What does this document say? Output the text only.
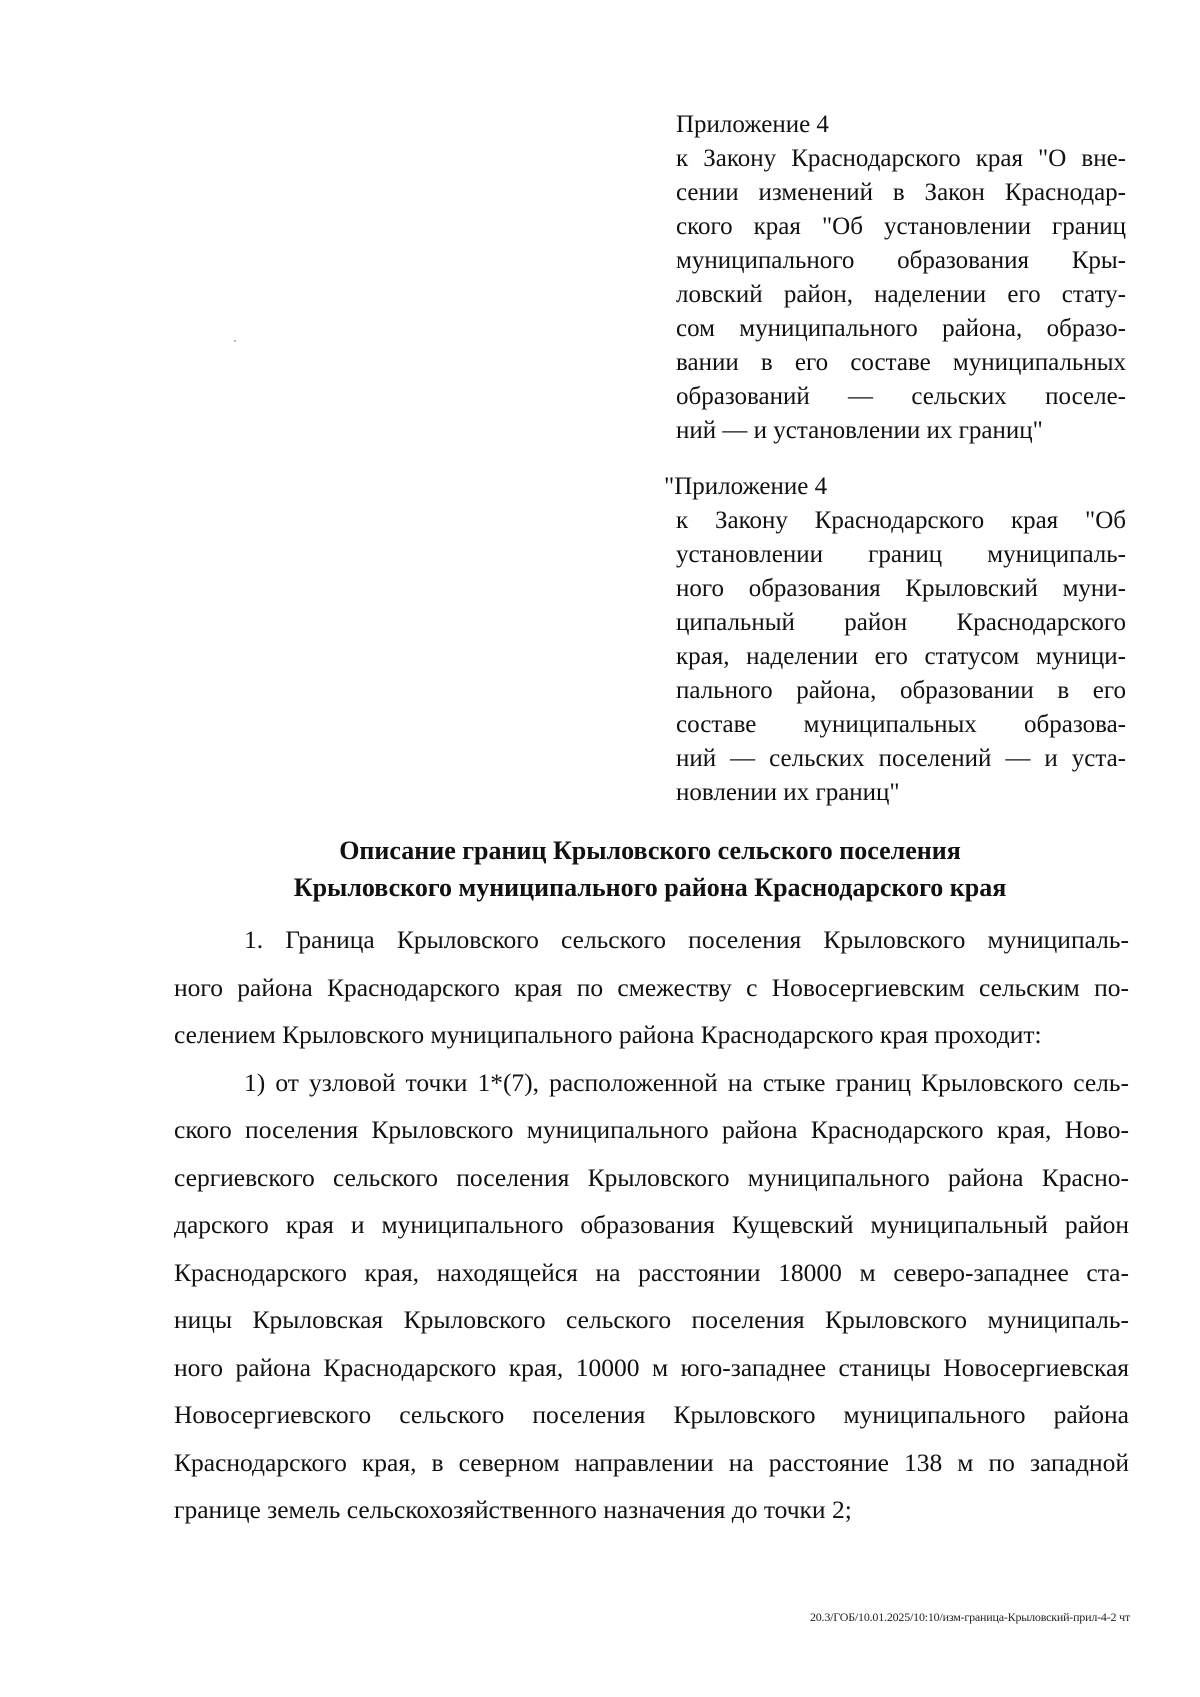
Приложение 4
к Закону Краснодарского края "О вне-
сении изменений в Закон Краснодар-
ского края "Об установлении границ
муниципального образования Кры-
ловский район, наделении его стату-
сом муниципального района, образо-
вании в его составе муниципальных
образований — сельских поселе-
ний — и установлении их границ"
"Приложение 4
к Закону Краснодарского края "Об
установлении границ муниципаль-
ного образования Крыловский муни-
ципальный район Краснодарского
края, наделении его статусом муници-
пального района, образовании в его
составе муниципальных образова-
ний — сельских поселений — и уста-
новлении их границ"
Описание границ Крыловского сельского поселения
Крыловского муниципального района Краснодарского края
1. Граница Крыловского сельского поселения Крыловского муниципаль-
ного района Краснодарского края по смежеству с Новосергиевским сельским по-
селением Крыловского муниципального района Краснодарского края проходит:
1) от узловой точки 1*(7), расположенной на стыке границ Крыловского сель-
ского поселения Крыловского муниципального района Краснодарского края, Ново-
сергиевского сельского поселения Крыловского муниципального района Красно-
дарского края и муниципального образования Кущевский муниципальный район
Краснодарского края, находящейся на расстоянии 18000 м северо-западнее ста-
ницы Крыловская Крыловского сельского поселения Крыловского муниципаль-
ного района Краснодарского края, 10000 м юго-западнее станицы Новосергиевская
Новосергиевского сельского поселения Крыловского муниципального района
Краснодарского края, в северном направлении на расстояние 138 м по западной
границе земель сельскохозяйственного назначения до точки 2;
20.3/ГОБ/10.01.2025/10:10/изм-граница-Крыловский-прил-4-2 чт
